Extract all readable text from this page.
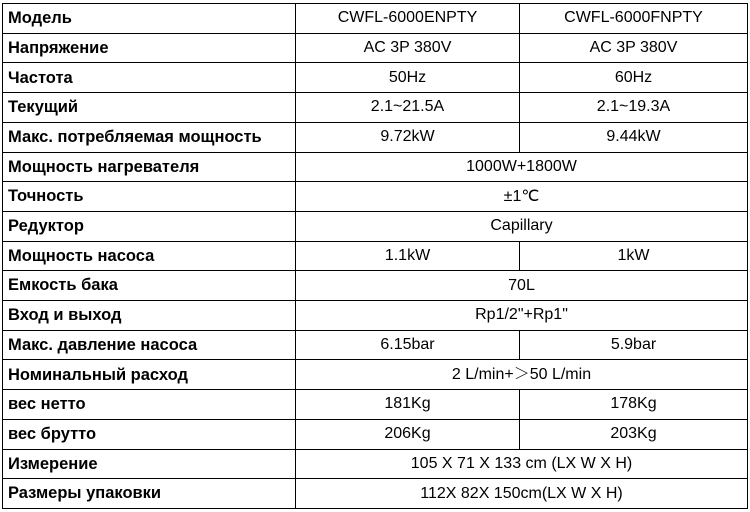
Модель	CWFL-6000ENPTY	CWFL-6000FNPTY
Напряжение	AC 3P 380V	AC 3P 380V
Частота	50Hz	60Hz
Текущий	2.1~21.5A	2.1~19.3A
Макс. потребляемая мощность	9.72kW	9.44kW
Мощность нагревателя	1000W+1800W	
Точность	±1℃	
Редуктор	Capillary	
Мощность насоса	1.1kW	1kW
Емкость бака	70L	
Вход и выход	Rp1/2"+Rp1"	
Макс. давление насоса	6.15bar	5.9bar
Номинальный расход	2 L/min+＞50 L/min	
вес нетто	181Kg	178Kg
вес брутто	206Kg	203Kg
Измерение	105 X 71 X 133 cm (LX W X H)	
Размеры упаковки	112X 82X 150cm(LX W X H)	
